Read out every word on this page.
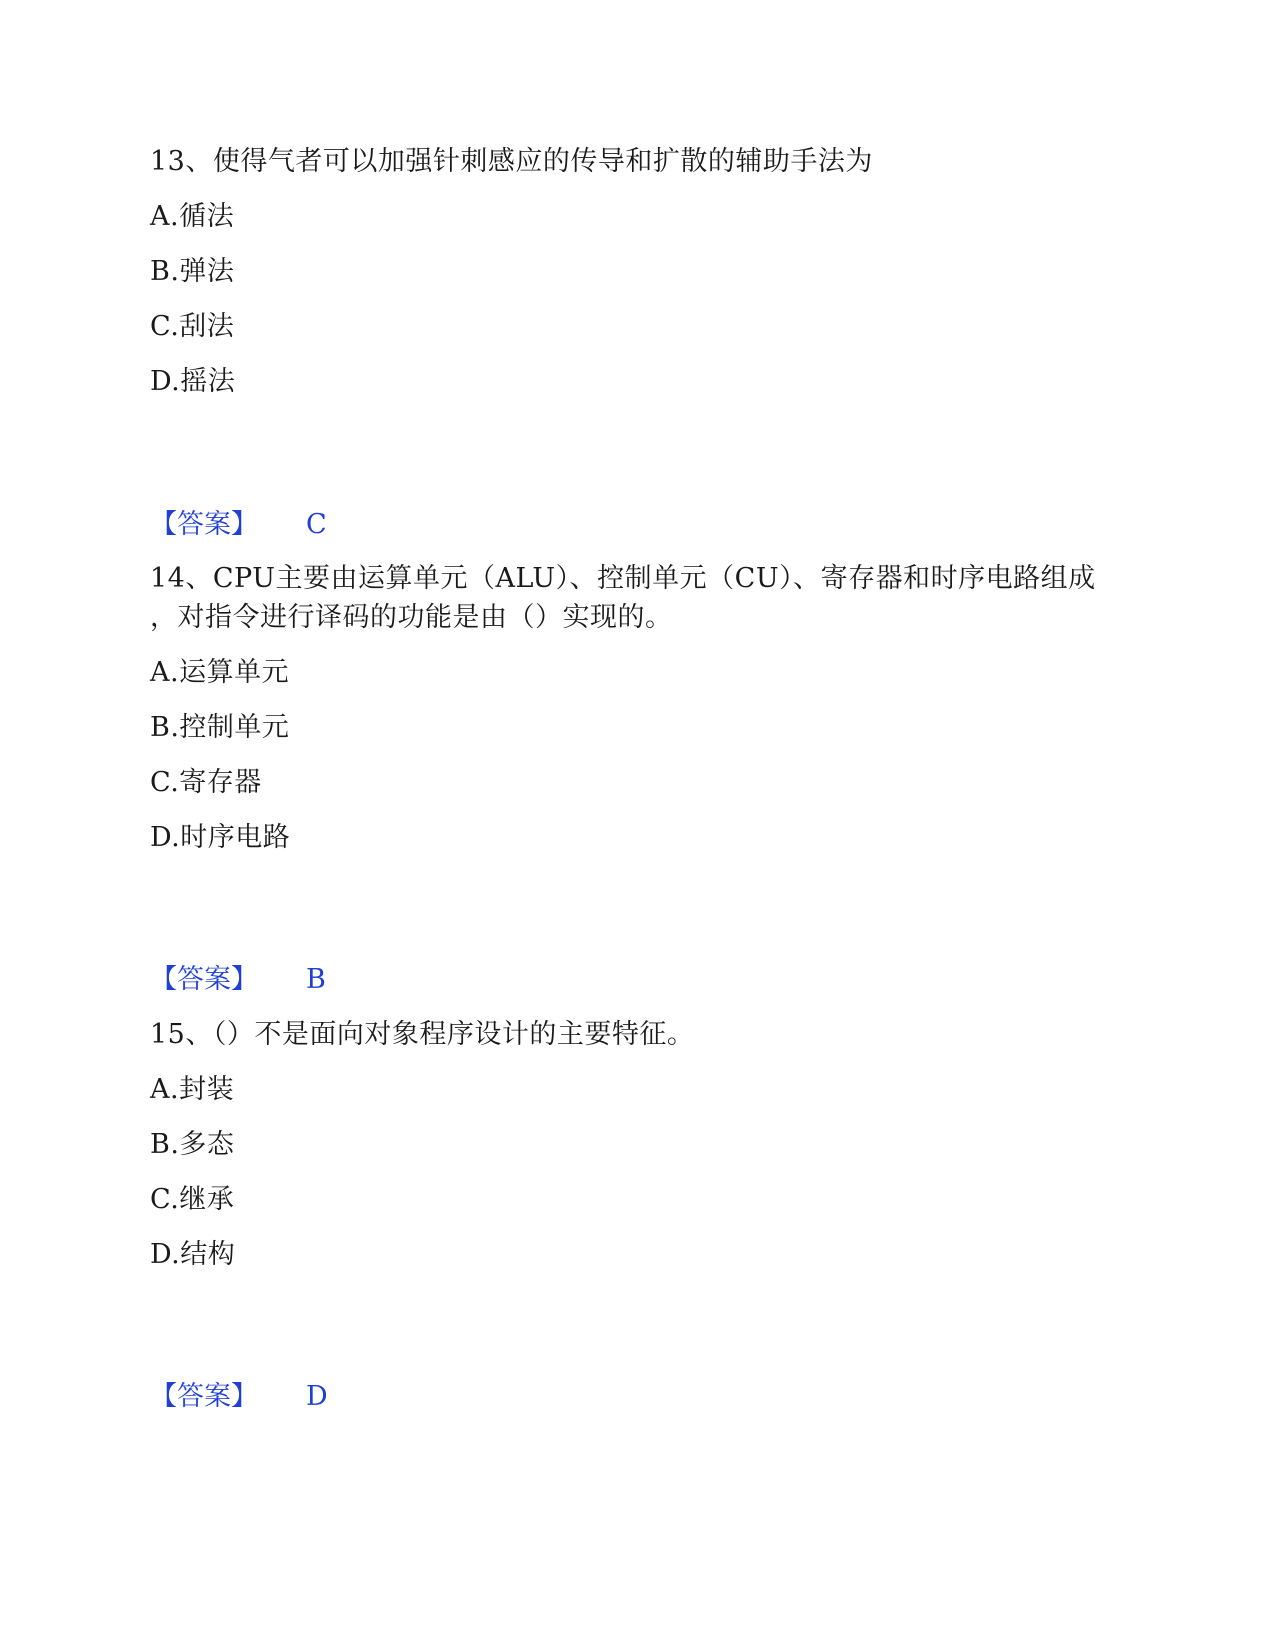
13、使得气者可以加强针刺感应的传导和扩散的辅助手法为
A.循法
B.弹法
C.刮法
D.摇法
【答案】 C
14、CPU主要由运算单元（ALU）、控制单元（CU）、寄存器和时序电路组成
，对指令进行译码的功能是由（）实现的。
A.运算单元
B.控制单元
C.寄存器
D.时序电路
【答案】 B
15、（）不是面向对象程序设计的主要特征。
A.封装
B.多态
C.继承
D.结构
【答案】 D
